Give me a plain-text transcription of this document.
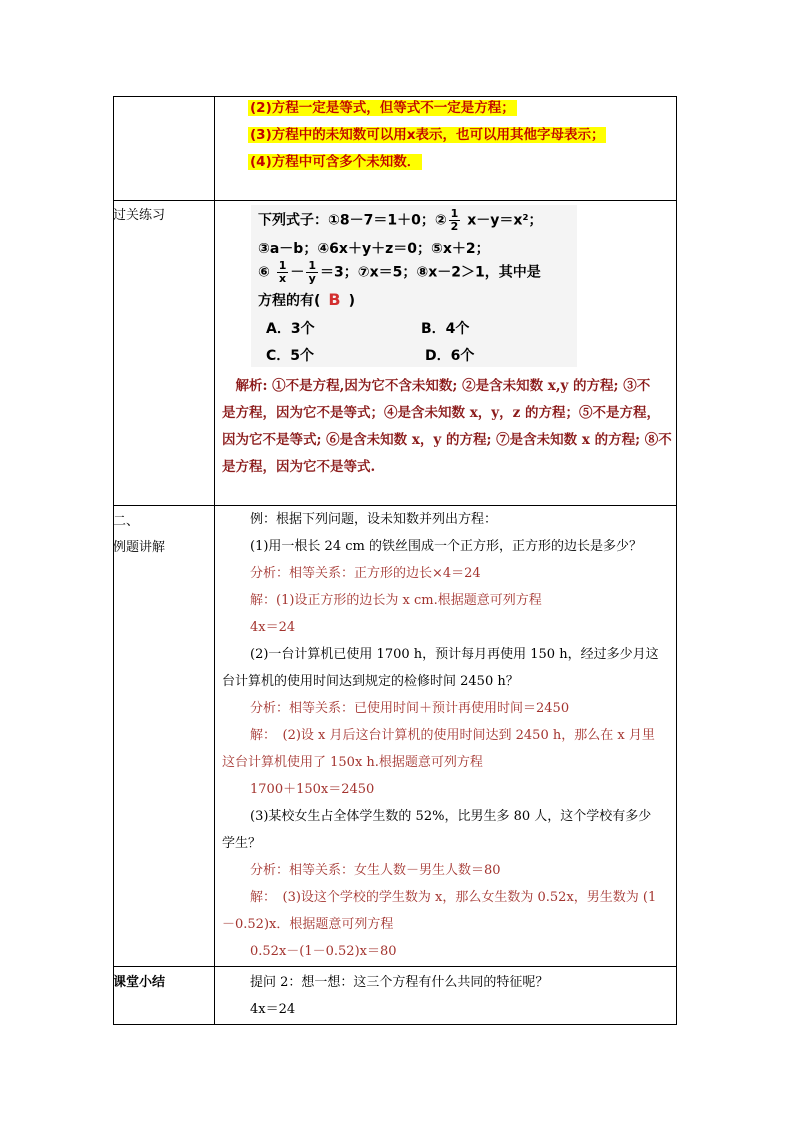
(2)方程一定是等式，但等式不一定是方程；
(3)方程中的未知数可以用x表示，也可以用其他字母表示；
(4)方程中可含多个未知数．
过关练习	下列式子：①8－7＝1＋0；② $\frac{1}{2} x-y=x^2$；
③a－b；④6x＋y＋z＝0；⑤x＋2；
⑥ $\frac{1}{x} - \frac{1}{y} =3$；⑦x＝5；⑧x－2＞1，其中是
方程的有( B )
A．3个	B．4个
C．5个	D．6个
　解析: ①不是方程,因为它不含未知数; ②是含未知数 x,y 的方程; ③不
是方程，因为它不是等式；④是含未知数 x，y，z 的方程；⑤不是方程，
因为它不是等式; ⑥是含未知数 x，y 的方程; ⑦是含未知数 x 的方程; ⑧不
是方程，因为它不是等式.
二、
例题讲解
例：根据下列问题，设未知数并列出方程：
(1)用一根长 24 cm 的铁丝围成一个正方形，正方形的边长是多少？
分析：相等关系：正方形的边长×4＝24
解：(1)设正方形的边长为 x cm.根据题意可列方程
4x＝24
(2)一台计算机已使用 1700 h，预计每月再使用 150 h，经过多少月这
台计算机的使用时间达到规定的检修时间 2450 h？
分析：相等关系：已使用时间＋预计再使用时间＝2450
解：　(2)设 x 月后这台计算机的使用时间达到 2450 h，那么在 x 月里
这台计算机使用了 150x h.根据题意可列方程
1700＋150x＝2450
(3)某校女生占全体学生数的 52%，比男生多 80 人，这个学校有多少
学生？
分析：相等关系：女生人数－男生人数＝80
解：　(3)设这个学校的学生数为 x，那么女生数为 0.52x，男生数为 (1
－0.52)x．根据题意可列方程
0.52x－(1－0.52)x＝80
课堂小结	提问 2：想一想：这三个方程有什么共同的特征呢？
4x＝24
